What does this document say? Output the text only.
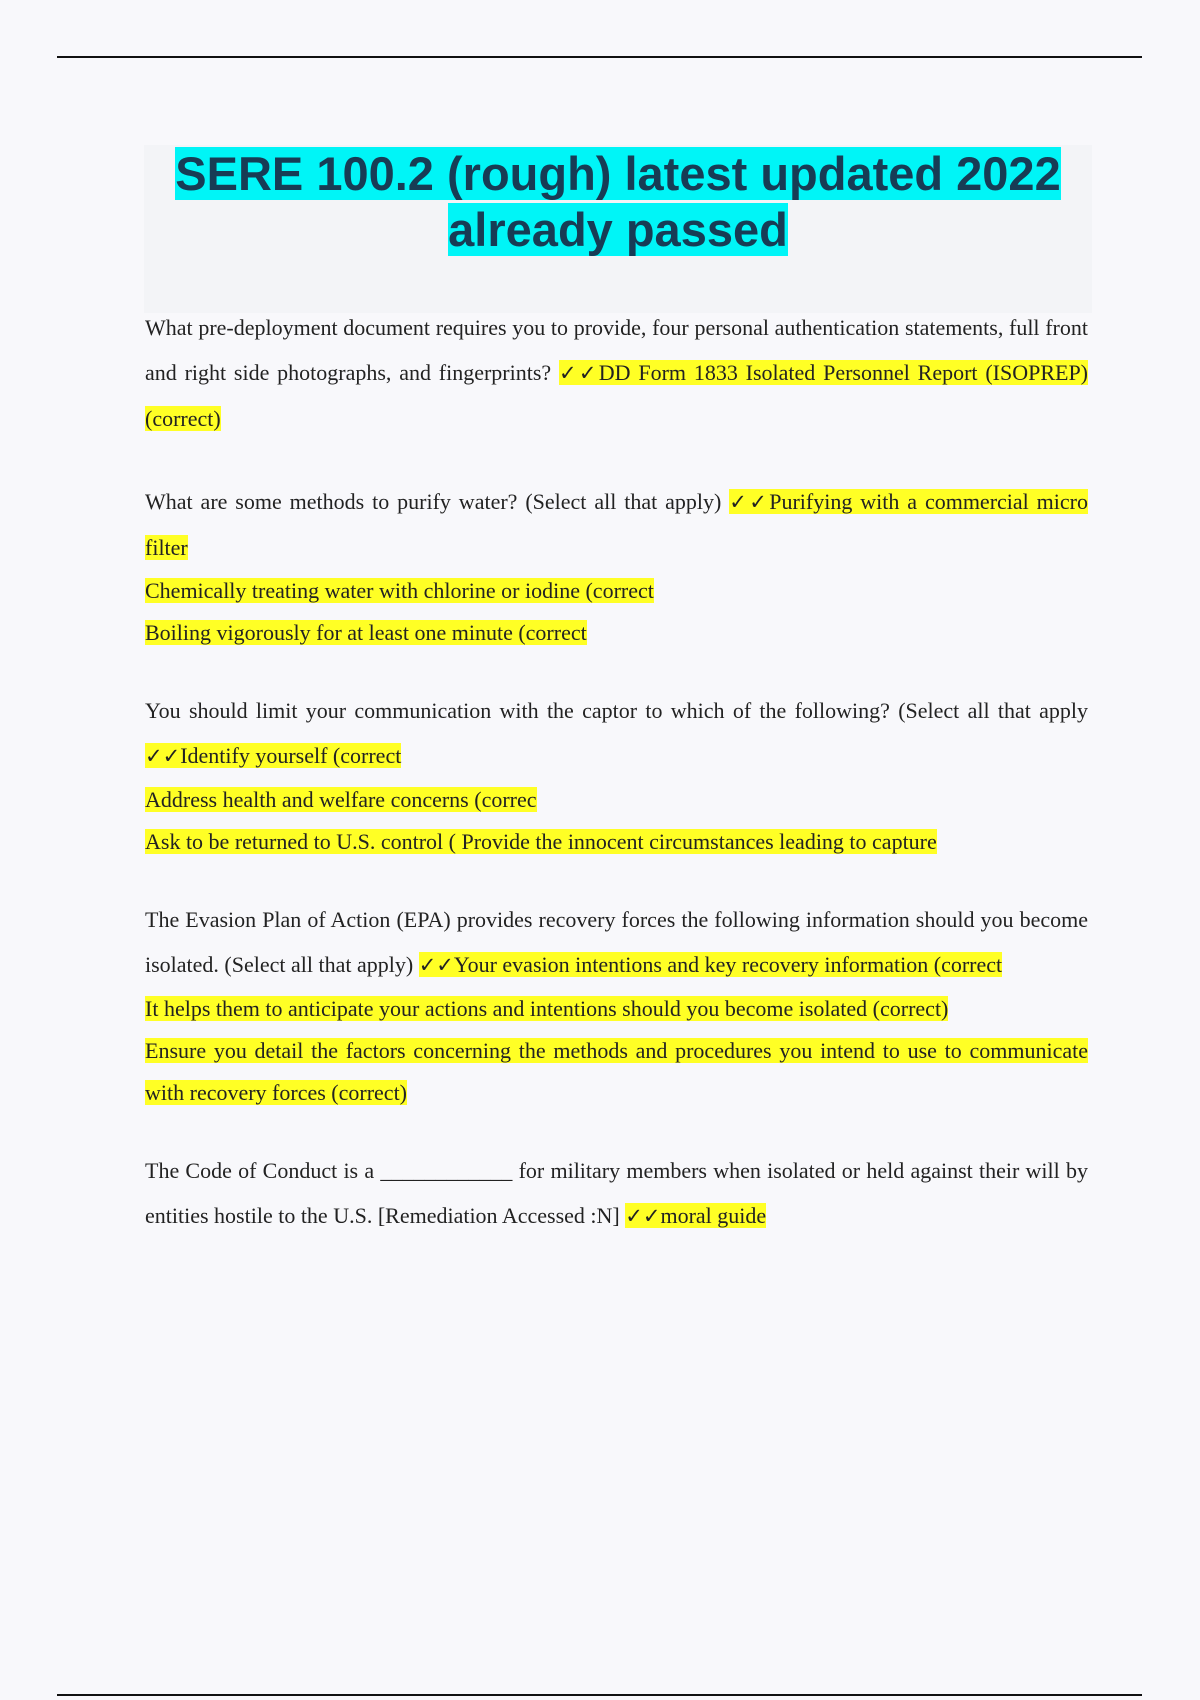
SERE 100.2 (rough) latest updated 2022
already passed

What pre-deployment document requires you to provide, four personal authentication statements, full front and right side photographs, and fingerprints? ✓✓DD Form 1833 Isolated Personnel Report (ISOPREP) (correct)

What are some methods to purify water? (Select all that apply) ✓✓Purifying with a commercial micro filter

Chemically treating water with chlorine or iodine (correct

Boiling vigorously for at least one minute (correct

You should limit your communication with the captor to which of the following? (Select all that apply ✓✓Identify yourself (correct

Address health and welfare concerns (correc

Ask to be returned to U.S. control ( Provide the innocent circumstances leading to capture

The Evasion Plan of Action (EPA) provides recovery forces the following information should you become isolated. (Select all that apply) ✓✓Your evasion intentions and key recovery information (correct

It helps them to anticipate your actions and intentions should you become isolated (correct)

Ensure you detail the factors concerning the methods and procedures you intend to use to communicate with recovery forces (correct)

The Code of Conduct is a ____________ for military members when isolated or held against their will by entities hostile to the U.S. [Remediation Accessed :N] ✓✓moral guide
